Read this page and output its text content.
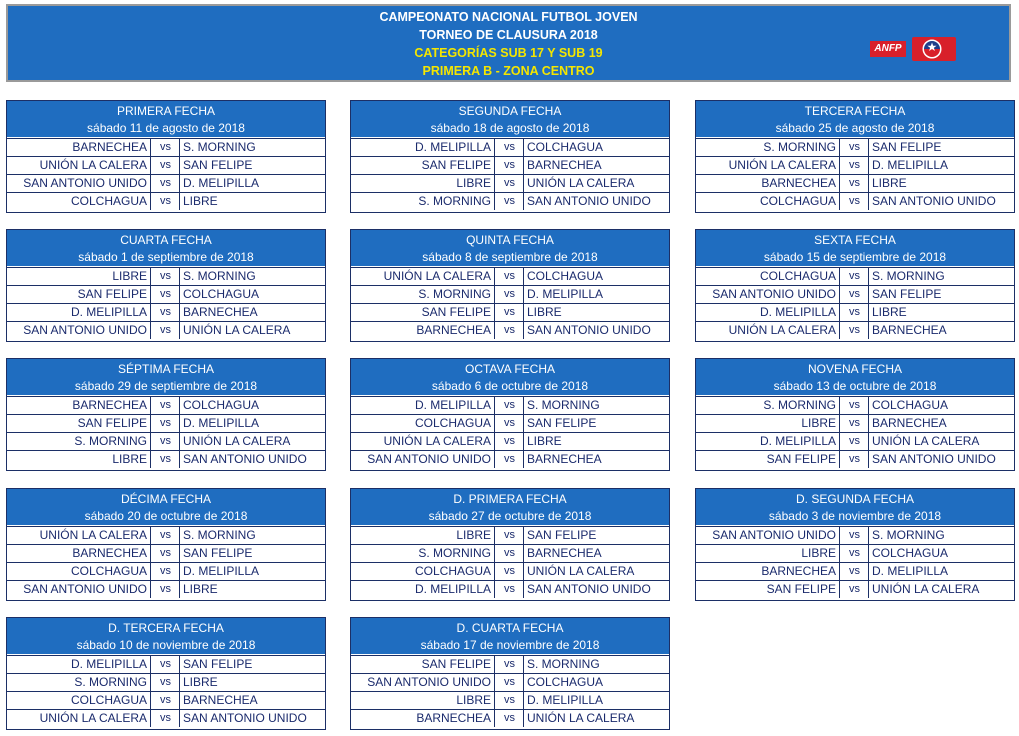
CAMPEONATO NACIONAL FUTBOL JOVEN
TORNEO DE CLAUSURA 2018
CATEGORÍAS SUB 17 Y SUB 19
PRIMERA B - ZONA CENTRO
ANFP
PRIMERA FECHA
sábado 11 de agosto de 2018
BARNECHEA	vs	S. MORNING
UNIÓN LA CALERA	vs	SAN FELIPE
SAN ANTONIO UNIDO	vs	D. MELIPILLA
COLCHAGUA	vs	LIBRE
SEGUNDA FECHA
sábado 18 de agosto de 2018
D. MELIPILLA	vs	COLCHAGUA
SAN FELIPE	vs	BARNECHEA
LIBRE	vs	UNIÓN LA CALERA
S. MORNING	vs	SAN ANTONIO UNIDO
TERCERA FECHA
sábado 25 de agosto de 2018
S. MORNING	vs	SAN FELIPE
UNIÓN LA CALERA	vs	D. MELIPILLA
BARNECHEA	vs	LIBRE
COLCHAGUA	vs	SAN ANTONIO UNIDO
CUARTA FECHA
sábado 1 de septiembre de 2018
LIBRE	vs	S. MORNING
SAN FELIPE	vs	COLCHAGUA
D. MELIPILLA	vs	BARNECHEA
SAN ANTONIO UNIDO	vs	UNIÓN LA CALERA
QUINTA FECHA
sábado 8 de septiembre de 2018
UNIÓN LA CALERA	vs	COLCHAGUA
S. MORNING	vs	D. MELIPILLA
SAN FELIPE	vs	LIBRE
BARNECHEA	vs	SAN ANTONIO UNIDO
SEXTA FECHA
sábado 15 de septiembre de 2018
COLCHAGUA	vs	S. MORNING
SAN ANTONIO UNIDO	vs	SAN FELIPE
D. MELIPILLA	vs	LIBRE
UNIÓN LA CALERA	vs	BARNECHEA
SÉPTIMA FECHA
sábado 29 de septiembre de 2018
BARNECHEA	vs	COLCHAGUA
SAN FELIPE	vs	D. MELIPILLA
S. MORNING	vs	UNIÓN LA CALERA
LIBRE	vs	SAN ANTONIO UNIDO
OCTAVA FECHA
sábado 6 de octubre de 2018
D. MELIPILLA	vs	S. MORNING
COLCHAGUA	vs	SAN FELIPE
UNIÓN LA CALERA	vs	LIBRE
SAN ANTONIO UNIDO	vs	BARNECHEA
NOVENA FECHA
sábado 13 de octubre de 2018
S. MORNING	vs	COLCHAGUA
LIBRE	vs	BARNECHEA
D. MELIPILLA	vs	UNIÓN LA CALERA
SAN FELIPE	vs	SAN ANTONIO UNIDO
DÉCIMA FECHA
sábado 20 de octubre de 2018
UNIÓN LA CALERA	vs	S. MORNING
BARNECHEA	vs	SAN FELIPE
COLCHAGUA	vs	D. MELIPILLA
SAN ANTONIO UNIDO	vs	LIBRE
D. PRIMERA FECHA
sábado 27 de octubre de 2018
LIBRE	vs	SAN FELIPE
S. MORNING	vs	BARNECHEA
COLCHAGUA	vs	UNIÓN LA CALERA
D. MELIPILLA	vs	SAN ANTONIO UNIDO
D. SEGUNDA FECHA
sábado 3 de noviembre de 2018
SAN ANTONIO UNIDO	vs	S. MORNING
LIBRE	vs	COLCHAGUA
BARNECHEA	vs	D. MELIPILLA
SAN FELIPE	vs	UNIÓN LA CALERA
D. TERCERA FECHA
sábado 10 de noviembre de 2018
D. MELIPILLA	vs	SAN FELIPE
S. MORNING	vs	LIBRE
COLCHAGUA	vs	BARNECHEA
UNIÓN LA CALERA	vs	SAN ANTONIO UNIDO
D. CUARTA FECHA
sábado 17 de noviembre de 2018
SAN FELIPE	vs	S. MORNING
SAN ANTONIO UNIDO	vs	COLCHAGUA
LIBRE	vs	D. MELIPILLA
BARNECHEA	vs	UNIÓN LA CALERA
